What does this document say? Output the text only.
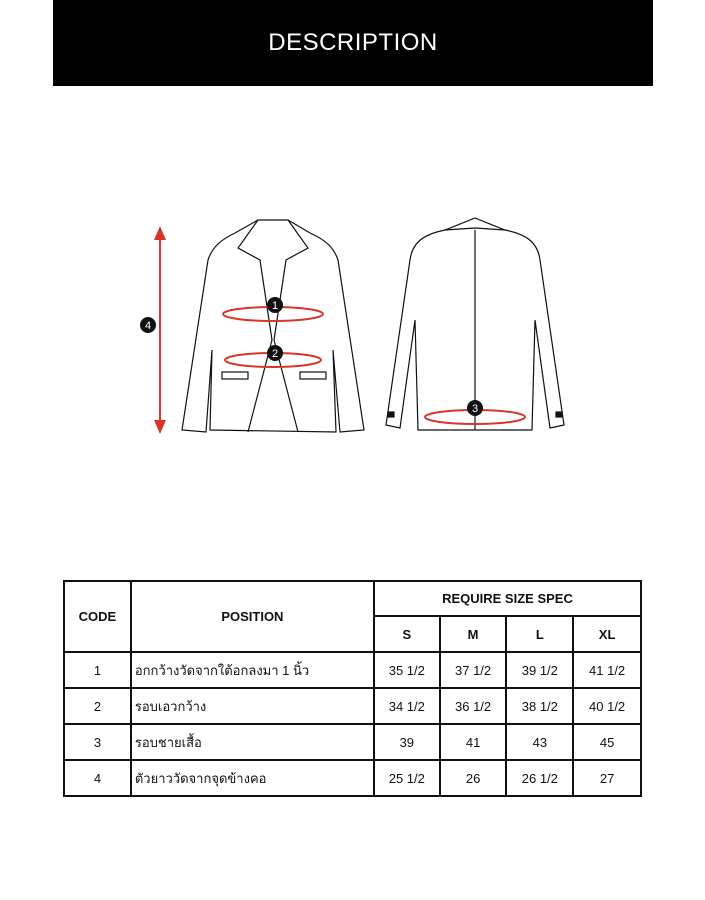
DESCRIPTION
4
1
2
3
CODE	POSITION	REQUIRE SIZE SPEC			
		S	M	L	XL
1	อกกว้างวัดจากใต้อกลงมา 1 นิ้ว	35 1/2	37 1/2	39 1/2	41 1/2
2	รอบเอวกว้าง	34 1/2	36 1/2	38 1/2	40 1/2
3	รอบชายเสื้อ	39	41	43	45
4	ตัวยาววัดจากจุดข้างคอ	25 1/2	26	26 1/2	27
